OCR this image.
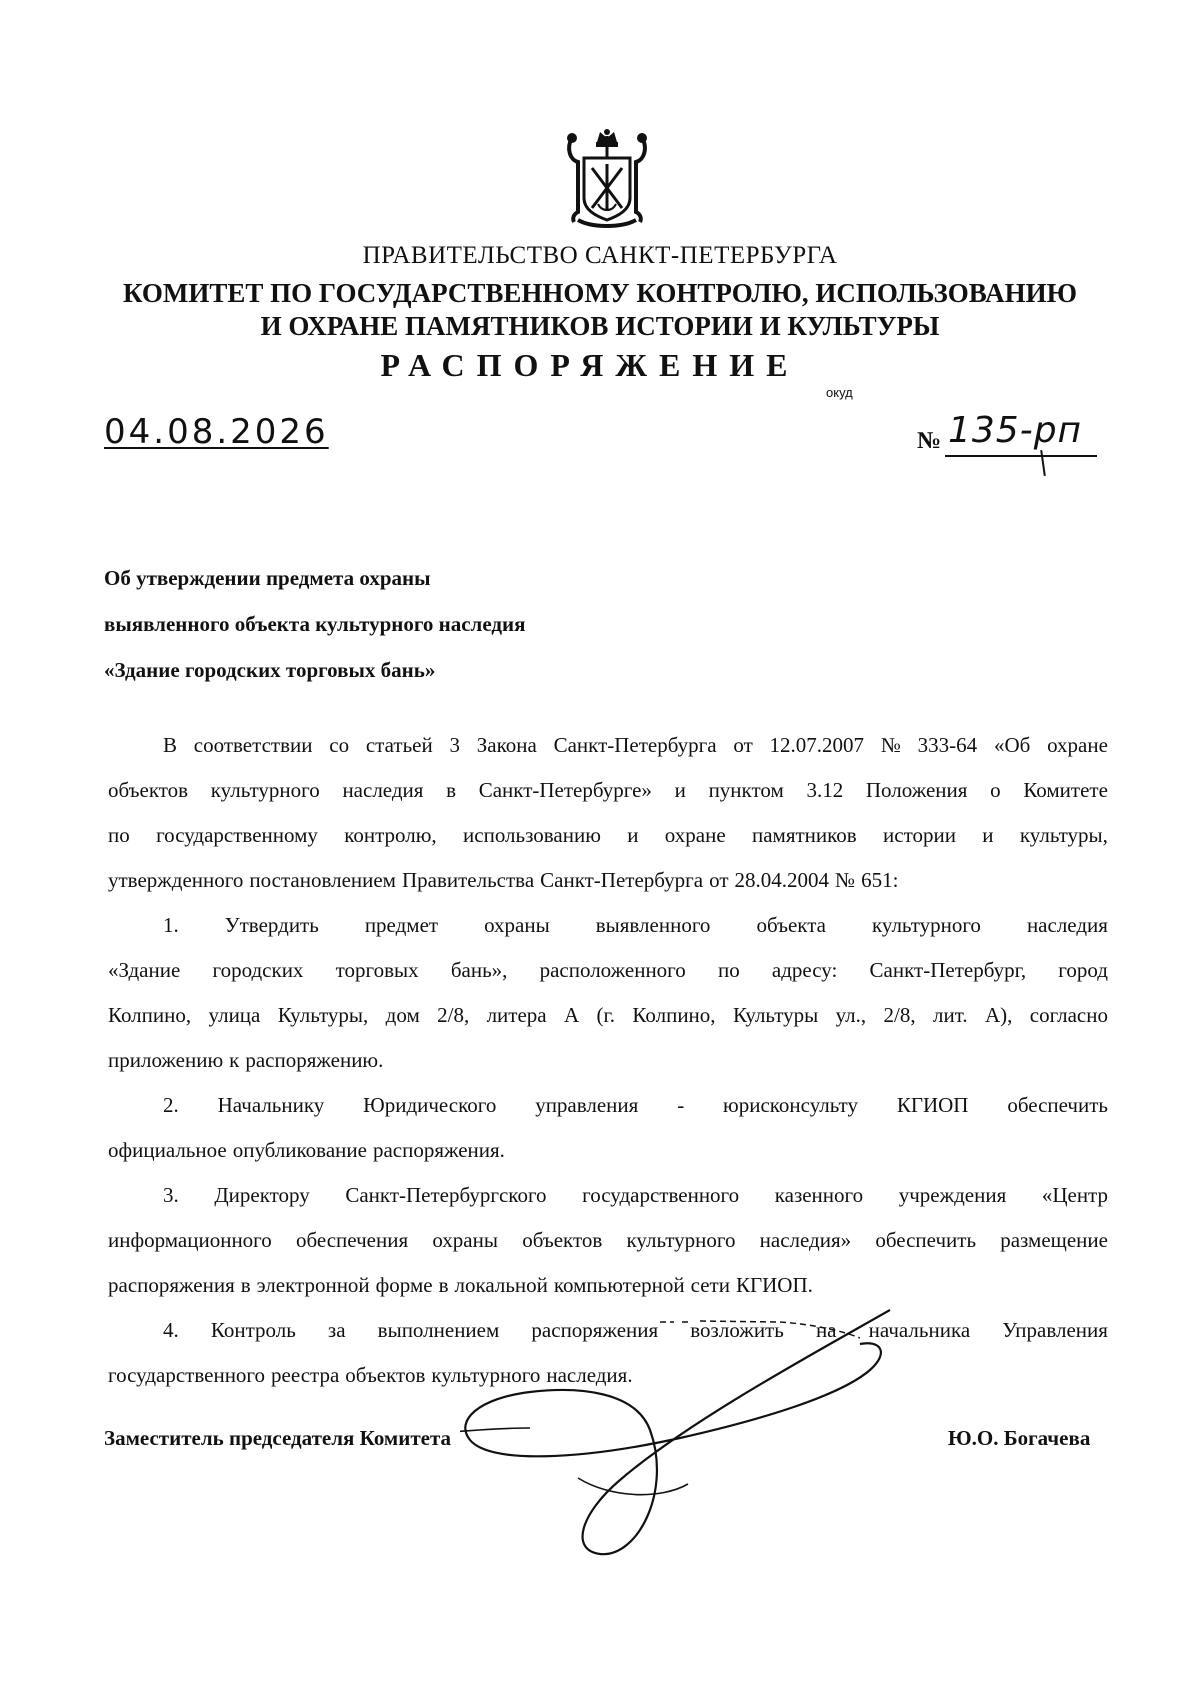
ПРАВИТЕЛЬСТВО САНКТ-ПЕТЕРБУРГА
КОМИТЕТ ПО ГОСУДАРСТВЕННОМУ КОНТРОЛЮ, ИСПОЛЬЗОВАНИЮ
И ОХРАНЕ ПАМЯТНИКОВ ИСТОРИИ И КУЛЬТУРЫ
РАСПОРЯЖЕНИЕ
окуд
04.08.2026	№ 135-рп
Об утверждении предмета охраны
выявленного объекта культурного наследия
«Здание городских торговых бань»
В соответствии со статьей 3 Закона Санкт-Петербурга от 12.07.2007 № 333-64 «Об охране
объектов культурного наследия в Санкт-Петербурге» и пунктом 3.12 Положения о Комитете
по государственному контролю, использованию и охране памятников истории и культуры,
утвержденного постановлением Правительства Санкт-Петербурга от 28.04.2004 № 651:
1. Утвердить предмет охраны выявленного объекта культурного наследия
«Здание городских торговых бань», расположенного по адресу: Санкт-Петербург, город
Колпино, улица Культуры, дом 2/8, литера А (г. Колпино, Культуры ул., 2/8, лит. А), согласно
приложению к распоряжению.
2. Начальнику Юридического управления - юрисконсульту КГИОП обеспечить
официальное опубликование распоряжения.
3. Директору Санкт-Петербургского государственного казенного учреждения «Центр
информационного обеспечения охраны объектов культурного наследия» обеспечить размещение
распоряжения в электронной форме в локальной компьютерной сети КГИОП.
4. Контроль за выполнением распоряжения возложить на начальника Управления
государственного реестра объектов культурного наследия.
Заместитель председателя Комитета	Ю.О. Богачева
